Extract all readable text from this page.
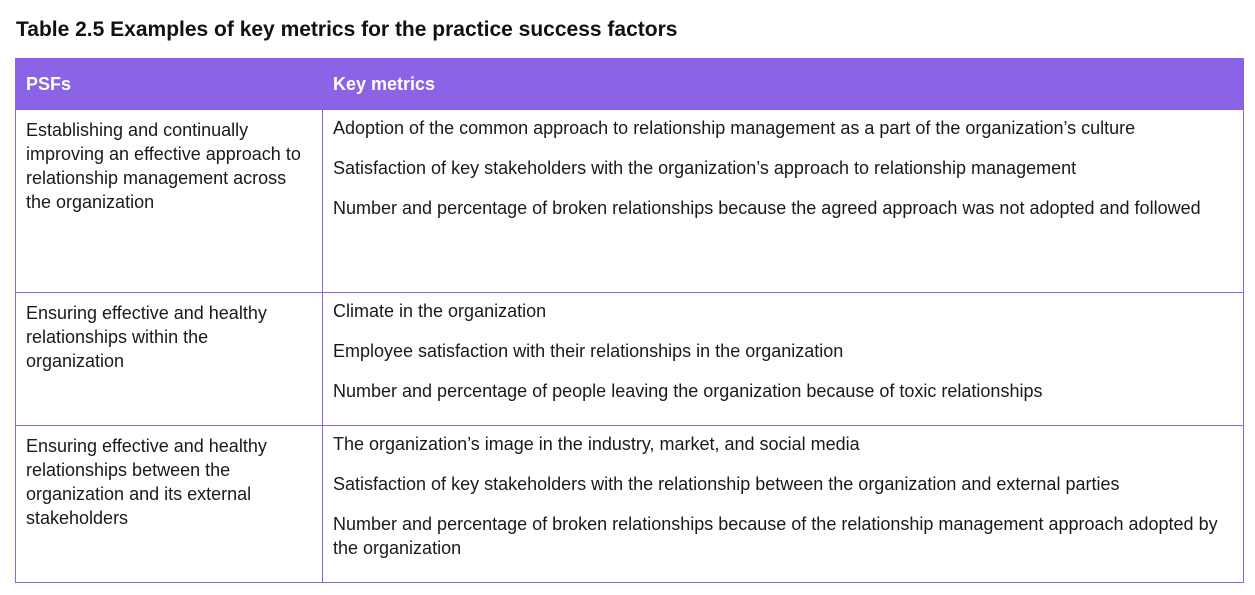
Table 2.5 Examples of key metrics for the practice success factors
PSFs	Key metrics
Establishing and continually improving an effective approach to relationship management across the organization	Adoption of the common approach to relationship management as a part of the organization’s culture
Satisfaction of key stakeholders with the organization’s approach to relationship management
Number and percentage of broken relationships because the agreed approach was not adopted and followed

Ensuring effective and healthy relationships within the organization	Climate in the organization
Employee satisfaction with their relationships in the organization
Number and percentage of people leaving the organization because of toxic relationships

Ensuring effective and healthy relationships between the organization and its external stakeholders	The organization’s image in the industry, market, and social media
Satisfaction of key stakeholders with the relationship between the organization and external parties
Number and percentage of broken relationships because of the relationship management approach adopted by the organization
